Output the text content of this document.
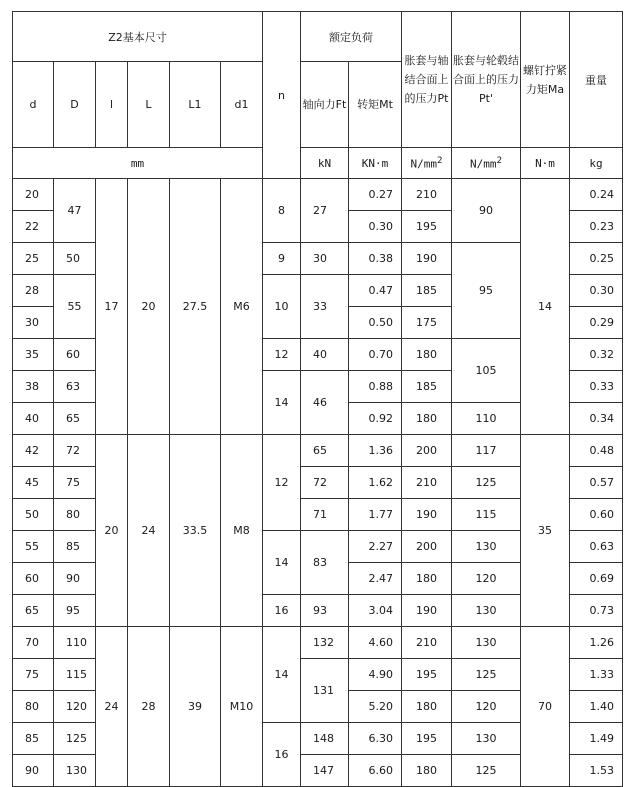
Z2基本尺寸						n	额定负荷		胀套与轴结合面上的压力Pt	胀套与轮毂结合面上的压力Pt'	螺钉拧紧力矩Ma	重量
d	D	l	L	L1	d1		轴向力Ft	转矩Mt				
mm							kN	KN·m	$N/mm^2$	$N/mm^2$	N·m	kg
20	47	17	20	27.5	M6	8	27	0.27	210	90	14	0.24
22								0.30	195			0.23
25	50					9	30	0.38	190	95		0.25
28	55					10	33	0.47	185			0.30
30								0.50	175			0.29
35	60					12	40	0.70	180	105		0.32
38	63					14	46	0.88	185			0.33
40	65							0.92	180	110		0.34
42	72	20	24	33.5	M8	12	65	1.36	200	117	35	0.48
45	75						72	1.62	210	125		0.57
50	80						71	1.77	190	115		0.60
55	85					14	83	2.27	200	130		0.63
60	90							2.47	180	120		0.69
65	95					16	93	3.04	190	130		0.73
70	110	24	28	39	M10	14	132	4.60	210	130	70	1.26
75	115						131	4.90	195	125		1.33
80	120							5.20	180	120		1.40
85	125					16	148	6.30	195	130		1.49
90	130						147	6.60	180	125		1.53
